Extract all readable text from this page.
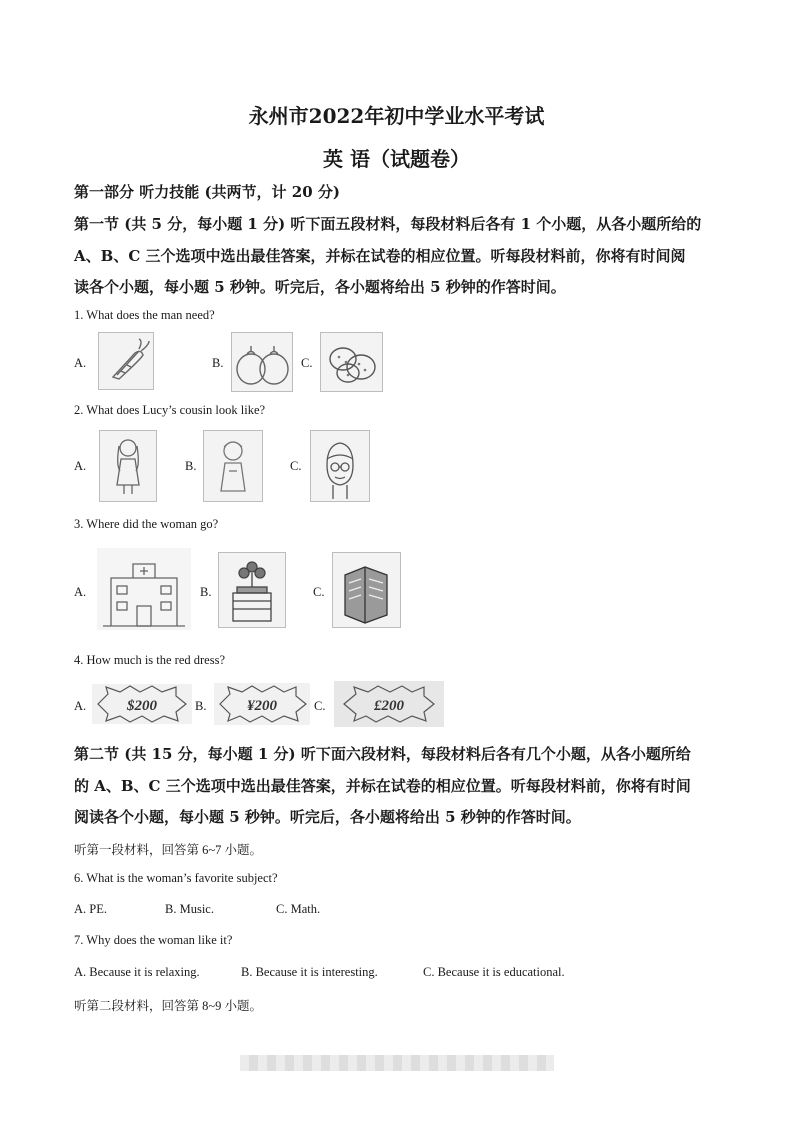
永州市2022年初中学业水平考试
英 语（试题卷）
第一部分 听力技能 (共两节，计 20 分)
第一节 (共 5 分，每小题 1 分) 听下面五段材料，每段材料后各有 1 个小题，从各小题所给的
A、B、C 三个选项中选出最佳答案，并标在试卷的相应位置。听每段材料前，你将有时间阅
读各个小题，每小题 5 秒钟。听完后，各小题将给出 5 秒钟的作答时间。
1. What does the man need?
A.	B.	C.
2. What does Lucy’s cousin look like?
A.	B.	C.
3. Where did the woman go?
A.	B.	C.
4. How much is the red dress?
A.	$200	B.	¥200	C.	£200
第二节 (共 15 分，每小题 1 分) 听下面六段材料，每段材料后各有几个小题，从各小题所给
的 A、B、C 三个选项中选出最佳答案，并标在试卷的相应位置。听每段材料前，你将有时间
阅读各个小题，每小题 5 秒钟。听完后，各小题将给出 5 秒钟的作答时间。
听第一段材料，回答第 6~7 小题。
6. What is the woman’s favorite subject?
A. PE.	B. Music.	C. Math.
7. Why does the woman like it?
A. Because it is relaxing.	B. Because it is interesting.	C. Because it is educational.
听第二段材料，回答第 8~9 小题。
